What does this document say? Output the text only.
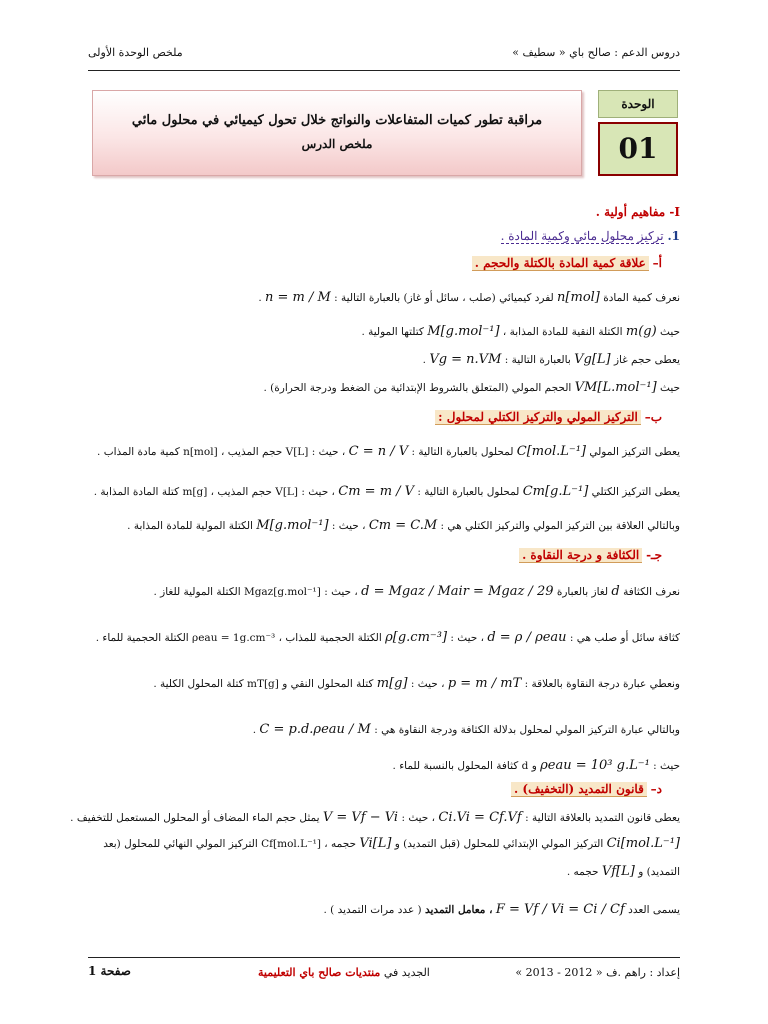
دروس الدعم : صالح باي « سطيف »
ملخص الوحدة الأولى
مراقبة تطور كميات المتفاعلات والنواتج خلال تحول كيميائي في محلول مائي
ملخص الدرس
الوحدة
01
I- مفاهيم أولية .
1. تركيز محلول مائي وكمية المادة .
أ– علاقة كمية المادة بالكتلة والحجم .
نعرف كمية المادة n[mol] لفرد كيميائي (صلب ، سائل أو غاز) بالعبارة التالية : n = m / M .
حيث m(g) الكتلة النقية للمادة المذابة ، M[g.mol⁻¹] كتلتها المولية .
يعطى حجم غاز Vg[L] بالعبارة التالية : Vg = n.VM .
حيث VM[L.mol⁻¹] الحجم المولي (المتعلق بالشروط الإبتدائية من الضغط ودرجة الحرارة) .
ب– التركيز المولي والتركيز الكتلي لمحلول :
يعطى التركيز المولي C[mol.L⁻¹] لمحلول بالعبارة التالية : C = n / V ، حيث : V[L] حجم المذيب ، n[mol] كمية مادة المذاب .
يعطى التركيز الكتلي Cm[g.L⁻¹] لمحلول بالعبارة التالية : Cm = m / V ، حيث : V[L] حجم المذيب ، m[g] كتلة المادة المذابة .
وبالتالي العلاقة بين التركيز المولي والتركيز الكتلي هي : Cm = C.M ، حيث : M[g.mol⁻¹] الكتلة المولية للمادة المذابة .
جـ- الكثافة و درجة النقاوة .
نعرف الكثافة d لغاز بالعبارة d = Mgaz / Mair = Mgaz / 29 ، حيث : Mgaz[g.mol⁻¹] الكتلة المولية للغاز .
كثافة سائل أو صلب هي : d = ρ / ρeau ، حيث : ρ[g.cm⁻³] الكتلة الحجمية للمذاب ، ρeau = 1g.cm⁻³ الكتلة الحجمية للماء .
ونعطي عبارة درجة النقاوة بالعلاقة : p = m / mT ، حيث : m[g] كتلة المحلول النقي و mT[g] كتلة المحلول الكلية .
وبالتالي عبارة التركيز المولي لمحلول بدلالة الكثافة ودرجة النقاوة هي : C = p.d.ρeau / M .
حيث : ρeau = 10³ g.L⁻¹ و d كثافة المحلول بالنسبة للماء .
د– قانون التمديد (التخفيف) .
يعطى قانون التمديد بالعلاقة التالية : Ci.Vi = Cf.Vf ، حيث : V = Vf − Vi يمثل حجم الماء المضاف أو المحلول المستعمل للتخفيف .
Ci[mol.L⁻¹] التركيز المولي الإبتدائي للمحلول (قبل التمديد) و Vi[L] حجمه ، Cf[mol.L⁻¹] التركيز المولي النهائي للمحلول (بعد
التمديد) و Vf[L] حجمه .
يسمى العدد F = Vf / Vi = Ci / Cf ، معامل التمديد ( عدد مرات التمديد ) .
إعداد : راهم .ف « 2012 - 2013 »
الجديد في منتديات صالح باي التعليمية
صفحة 1
